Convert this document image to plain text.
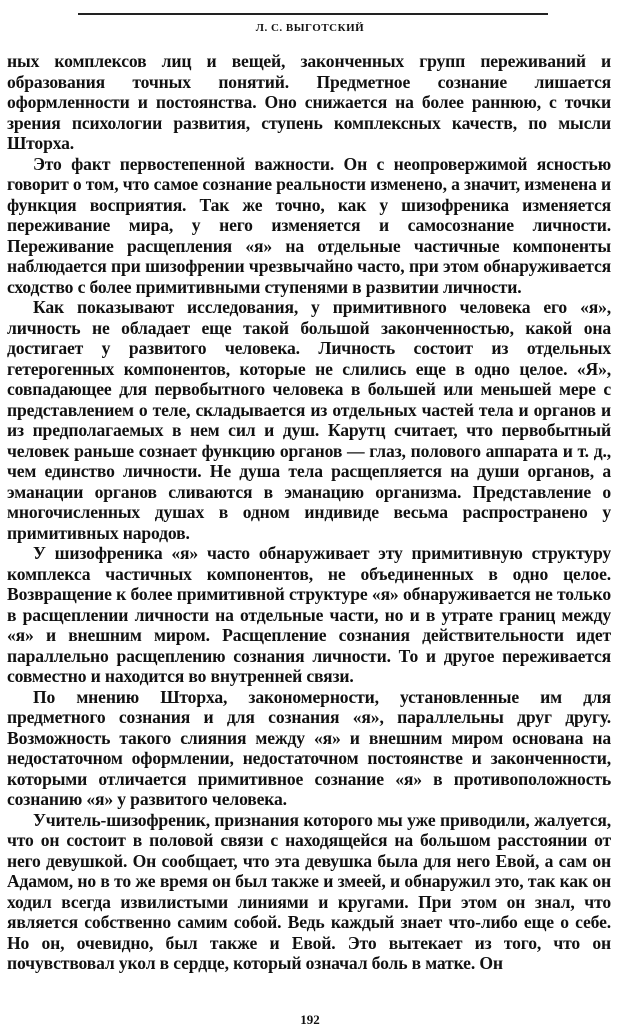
Л. С. ВЫГОТСКИЙ

ных комплексов лиц и вещей, законченных групп переживаний и образования точных понятий. Предметное сознание лишается оформленности и постоянства. Оно снижается на более раннюю, с точки зрения психологии развития, ступень комплексных качеств, по мысли Шторха.

Это факт первостепенной важности. Он с неопровержимой ясностью говорит о том, что самое сознание реальности изменено, а значит, изменена и функция восприятия. Так же точно, как у шизофреника изменяется переживание мира, у него изменяется и самосознание личности. Переживание расщепления «я» на отдельные частичные компоненты наблюдается при шизофрении чрезвычайно часто, при этом обнаруживается сходство с более примитивными ступенями в развитии личности.

Как показывают исследования, у примитивного человека его «я», личность не обладает еще такой большой законченностью, какой она достигает у развитого человека. Личность состоит из отдельных гетерогенных компонентов, которые не слились еще в одно целое. «Я», совпадающее для первобытного человека в большей или меньшей мере с представлением о теле, складывается из отдельных частей тела и органов и из предполагаемых в нем сил и душ. Карутц считает, что первобытный человек раньше сознает функцию органов — глаз, полового аппарата и т. д., чем единство личности. Не душа тела расщепляется на души органов, а эманации органов сливаются в эманацию организма. Представление о многочисленных душах в одном индивиде весьма распространено у примитивных народов.

У шизофреника «я» часто обнаруживает эту примитивную структуру комплекса частичных компонентов, не объединенных в одно целое. Возвращение к более примитивной структуре «я» обнаруживается не только в расщеплении личности на отдельные части, но и в утрате границ между «я» и внешним миром. Расщепление сознания действительности идет параллельно расщеплению сознания личности. То и другое переживается совместно и находится во внутренней связи.

По мнению Шторха, закономерности, установленные им для предметного сознания и для сознания «я», параллельны друг другу. Возможность такого слияния между «я» и внешним миром основана на недостаточном оформлении, недостаточном постоянстве и законченности, которыми отличается примитивное сознание «я» в противоположность сознанию «я» у развитого человека.

Учитель-шизофреник, признания которого мы уже приводили, жалуется, что он состоит в половой связи с находящейся на большом расстоянии от него девушкой. Он сообщает, что эта девушка была для него Евой, а сам он Адамом, но в то же время он был также и змеей, и обнаружил это, так как он ходил всегда извилистыми линиями и кругами. При этом он знал, что является собственно самим собой. Ведь каждый знает что-либо еще о себе. Но он, очевидно, был также и Евой. Это вытекает из того, что он почувствовал укол в сердце, который означал боль в матке. Он

192
